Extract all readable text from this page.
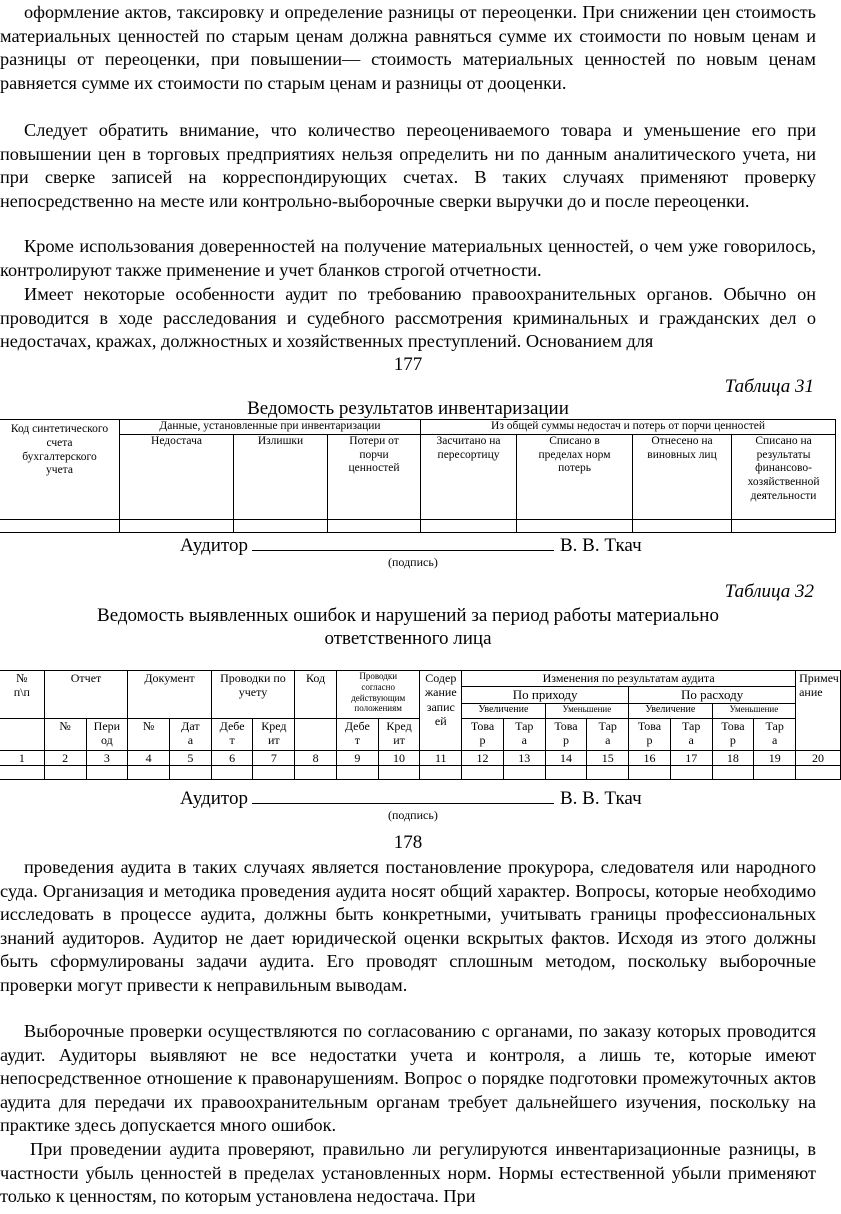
оформление актов, таксировку и определение разницы от переоценки. При снижении цен стоимость материальных ценностей по старым ценам должна равняться сумме их стоимости по новым ценам и разницы от переоценки, при повышении— стоимость материальных ценностей по новым ценам равняется сумме их стоимости по старым ценам и разницы от дооценки.

Следует обратить внимание, что количество переоцениваемого товара и уменьшение его при повышении цен в торговых предприятиях нельзя определить ни по данным аналитического учета, ни при сверке записей на корреспондирующих счетах. В таких случаях применяют проверку непосредственно на месте или контрольно-выборочные сверки выручки до и после переоценки.

Кроме использования доверенностей на получение материальных ценностей, о чем уже говорилось, контролируют также применение и учет бланков строгой отчетности.

Имеет некоторые особенности аудит по требованию правоохранительных органов. Обычно он проводится в ходе расследования и судебного рассмотрения криминальных и гражданских дел о недостачах, кражах, должностных и хозяйственных преступлений. Основанием для

177

Таблица 31

Ведомость результатов инвентаризации

Код синтетического счета бухгалтерского учета	Данные, установленные при инвентаризации			Из общей суммы недостач и потерь от порчи ценностей			
	Недостача	Излишки	Потери от порчи ценностей	Засчитано на пересортицу	Списано в пределах норм потерь	Отнесено на виновных лиц	Списано на результаты финансово-хозяйственной деятельности

Аудитор	В. В. Ткач
(подпись)

Таблица 32

Ведомость выявленных ошибок и нарушений за период работы материально

ответственного лица

№ п\п	Отчет		Документ		Проводки по учету		Код	Проводки согласно действующим положениям		Содержание записей	Изменения по результатам аудита								Примечание
											По приходу				По расходу				
											Увеличение		Уменьшение		Увеличение		Уменьшение		
	№	Период	№	Дата	Дебет	Кредит		Дебет	Кредит		Товар	Тара	Товар	Тара	Товар	Тара	Товар	Тара	
1	2	3	4	5	6	7	8	9	10	11	12	13	14	15	16	17	18	19	20

Аудитор	В. В. Ткач
(подпись)

178

проведения аудита в таких случаях является постановление прокурора, следователя или народного суда. Организация и методика проведения аудита носят общий характер. Вопросы, которые необходимо исследовать в процессе аудита, должны быть конкретными, учитывать границы профессиональных знаний аудиторов. Аудитор не дает юридической оценки вскрытых фактов. Исходя из этого должны быть сформулированы задачи аудита. Его проводят сплошным методом, поскольку выборочные проверки могут привести к неправильным выводам.

Выборочные проверки осуществляются по согласованию с органами, по заказу которых проводится аудит. Аудиторы выявляют не все недостатки учета и контроля, а лишь те, которые имеют непосредственное отношение к правонарушениям. Вопрос о порядке подготовки промежуточных актов аудита для передачи их правоохранительным органам требует дальнейшего изучения, поскольку на практике здесь допускается много ошибок.

При проведении аудита проверяют, правильно ли регулируются инвентаризационные разницы, в частности убыль ценностей в пределах установленных норм. Нормы естественной убыли применяют только к ценностям, по которым установлена недостача. При
